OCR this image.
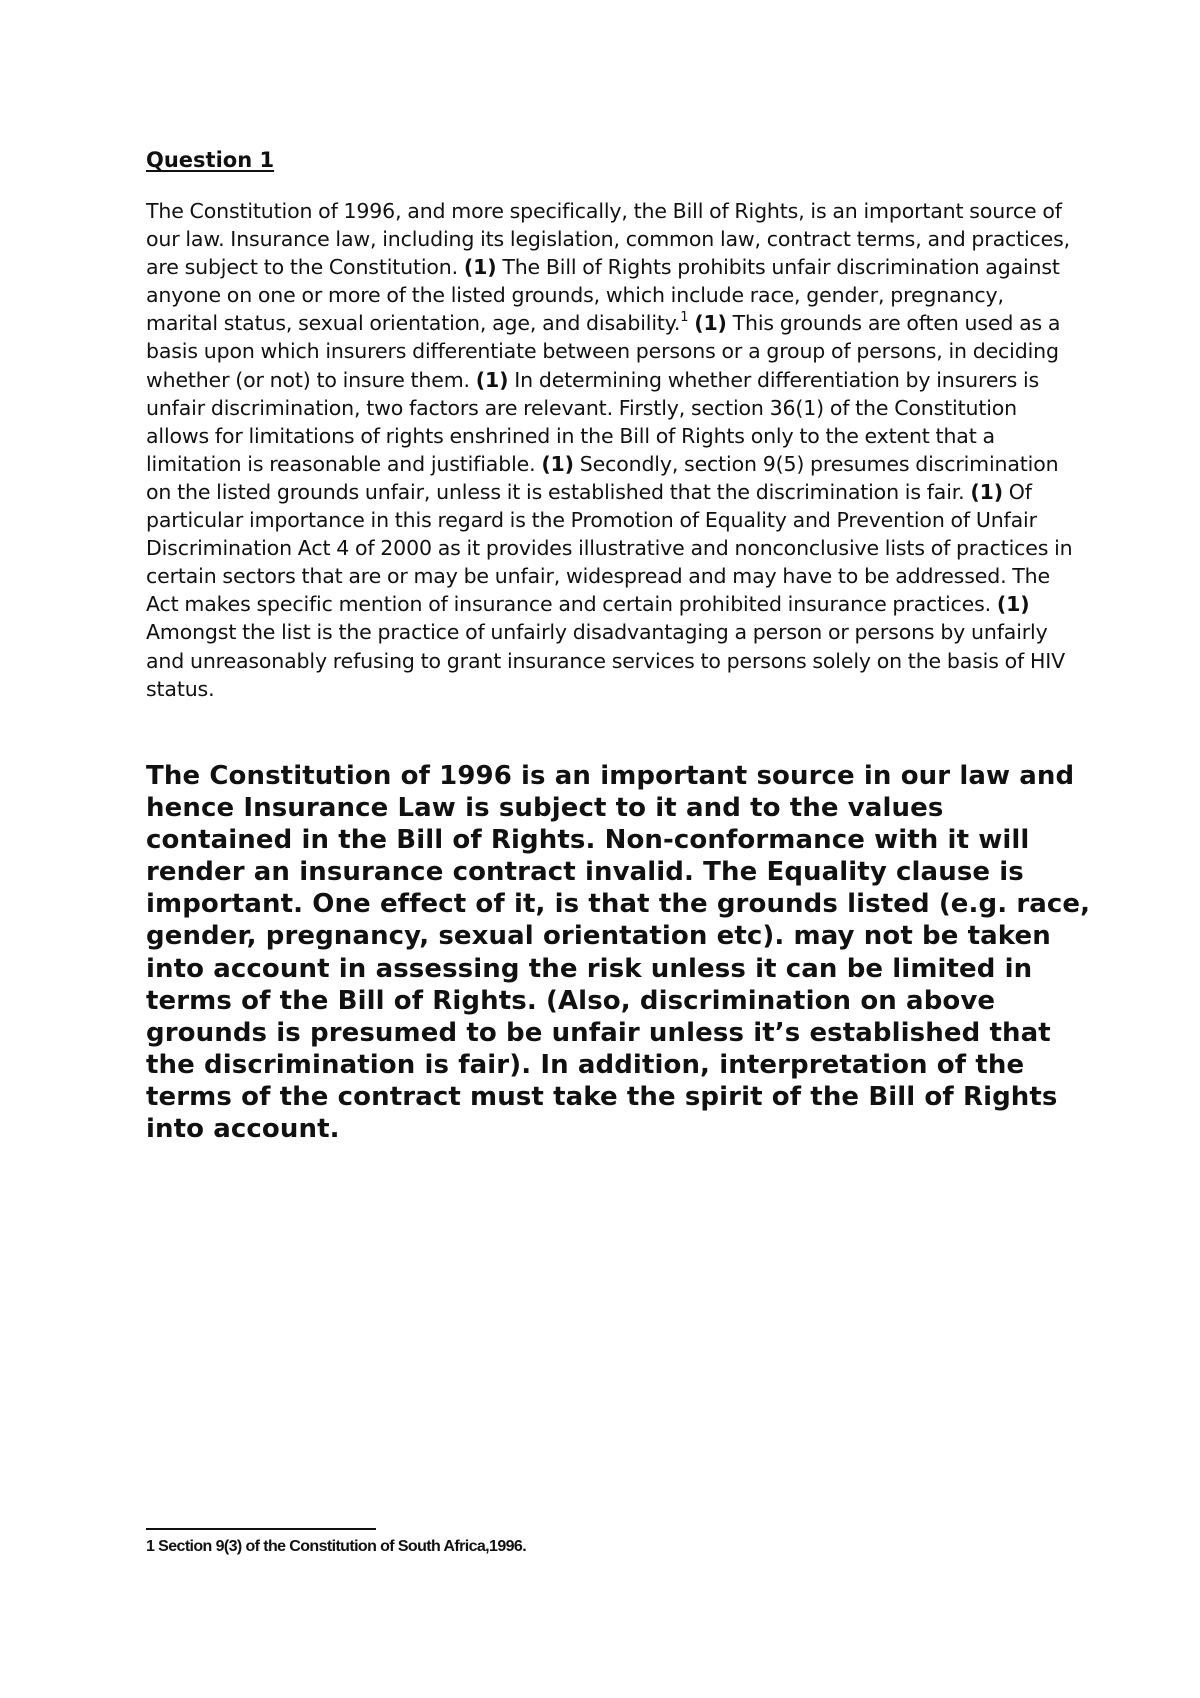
Question 1

The Constitution of 1996, and more specifically, the Bill of Rights, is an important source of our law. Insurance law, including its legislation, common law, contract terms, and practices, are subject to the Constitution. (1) The Bill of Rights prohibits unfair discrimination against anyone on one or more of the listed grounds, which include race, gender, pregnancy, marital status, sexual orientation, age, and disability.$^1$ (1) This grounds are often used as a basis upon which insurers differentiate between persons or a group of persons, in deciding whether (or not) to insure them. (1) In determining whether differentiation by insurers is unfair discrimination, two factors are relevant. Firstly, section 36(1) of the Constitution allows for limitations of rights enshrined in the Bill of Rights only to the extent that a limitation is reasonable and justifiable. (1) Secondly, section 9(5) presumes discrimination on the listed grounds unfair, unless it is established that the discrimination is fair. (1) Of particular importance in this regard is the Promotion of Equality and Prevention of Unfair Discrimination Act 4 of 2000 as it provides illustrative and nonconclusive lists of practices in certain sectors that are or may be unfair, widespread and may have to be addressed. The Act makes specific mention of insurance and certain prohibited insurance practices. (1) Amongst the list is the practice of unfairly disadvantaging a person or persons by unfairly and unreasonably refusing to grant insurance services to persons solely on the basis of HIV status.

The Constitution of 1996 is an important source in our law and hence Insurance Law is subject to it and to the values contained in the Bill of Rights. Non-conformance with it will render an insurance contract invalid. The Equality clause is important. One effect of it, is that the grounds listed (e.g. race, gender, pregnancy, sexual orientation etc). may not be taken into account in assessing the risk unless it can be limited in terms of the Bill of Rights. (Also, discrimination on above grounds is presumed to be unfair unless it’s established that the discrimination is fair). In addition, interpretation of the terms of the contract must take the spirit of the Bill of Rights into account.

1 Section 9(3) of the Constitution of South Africa,1996.
